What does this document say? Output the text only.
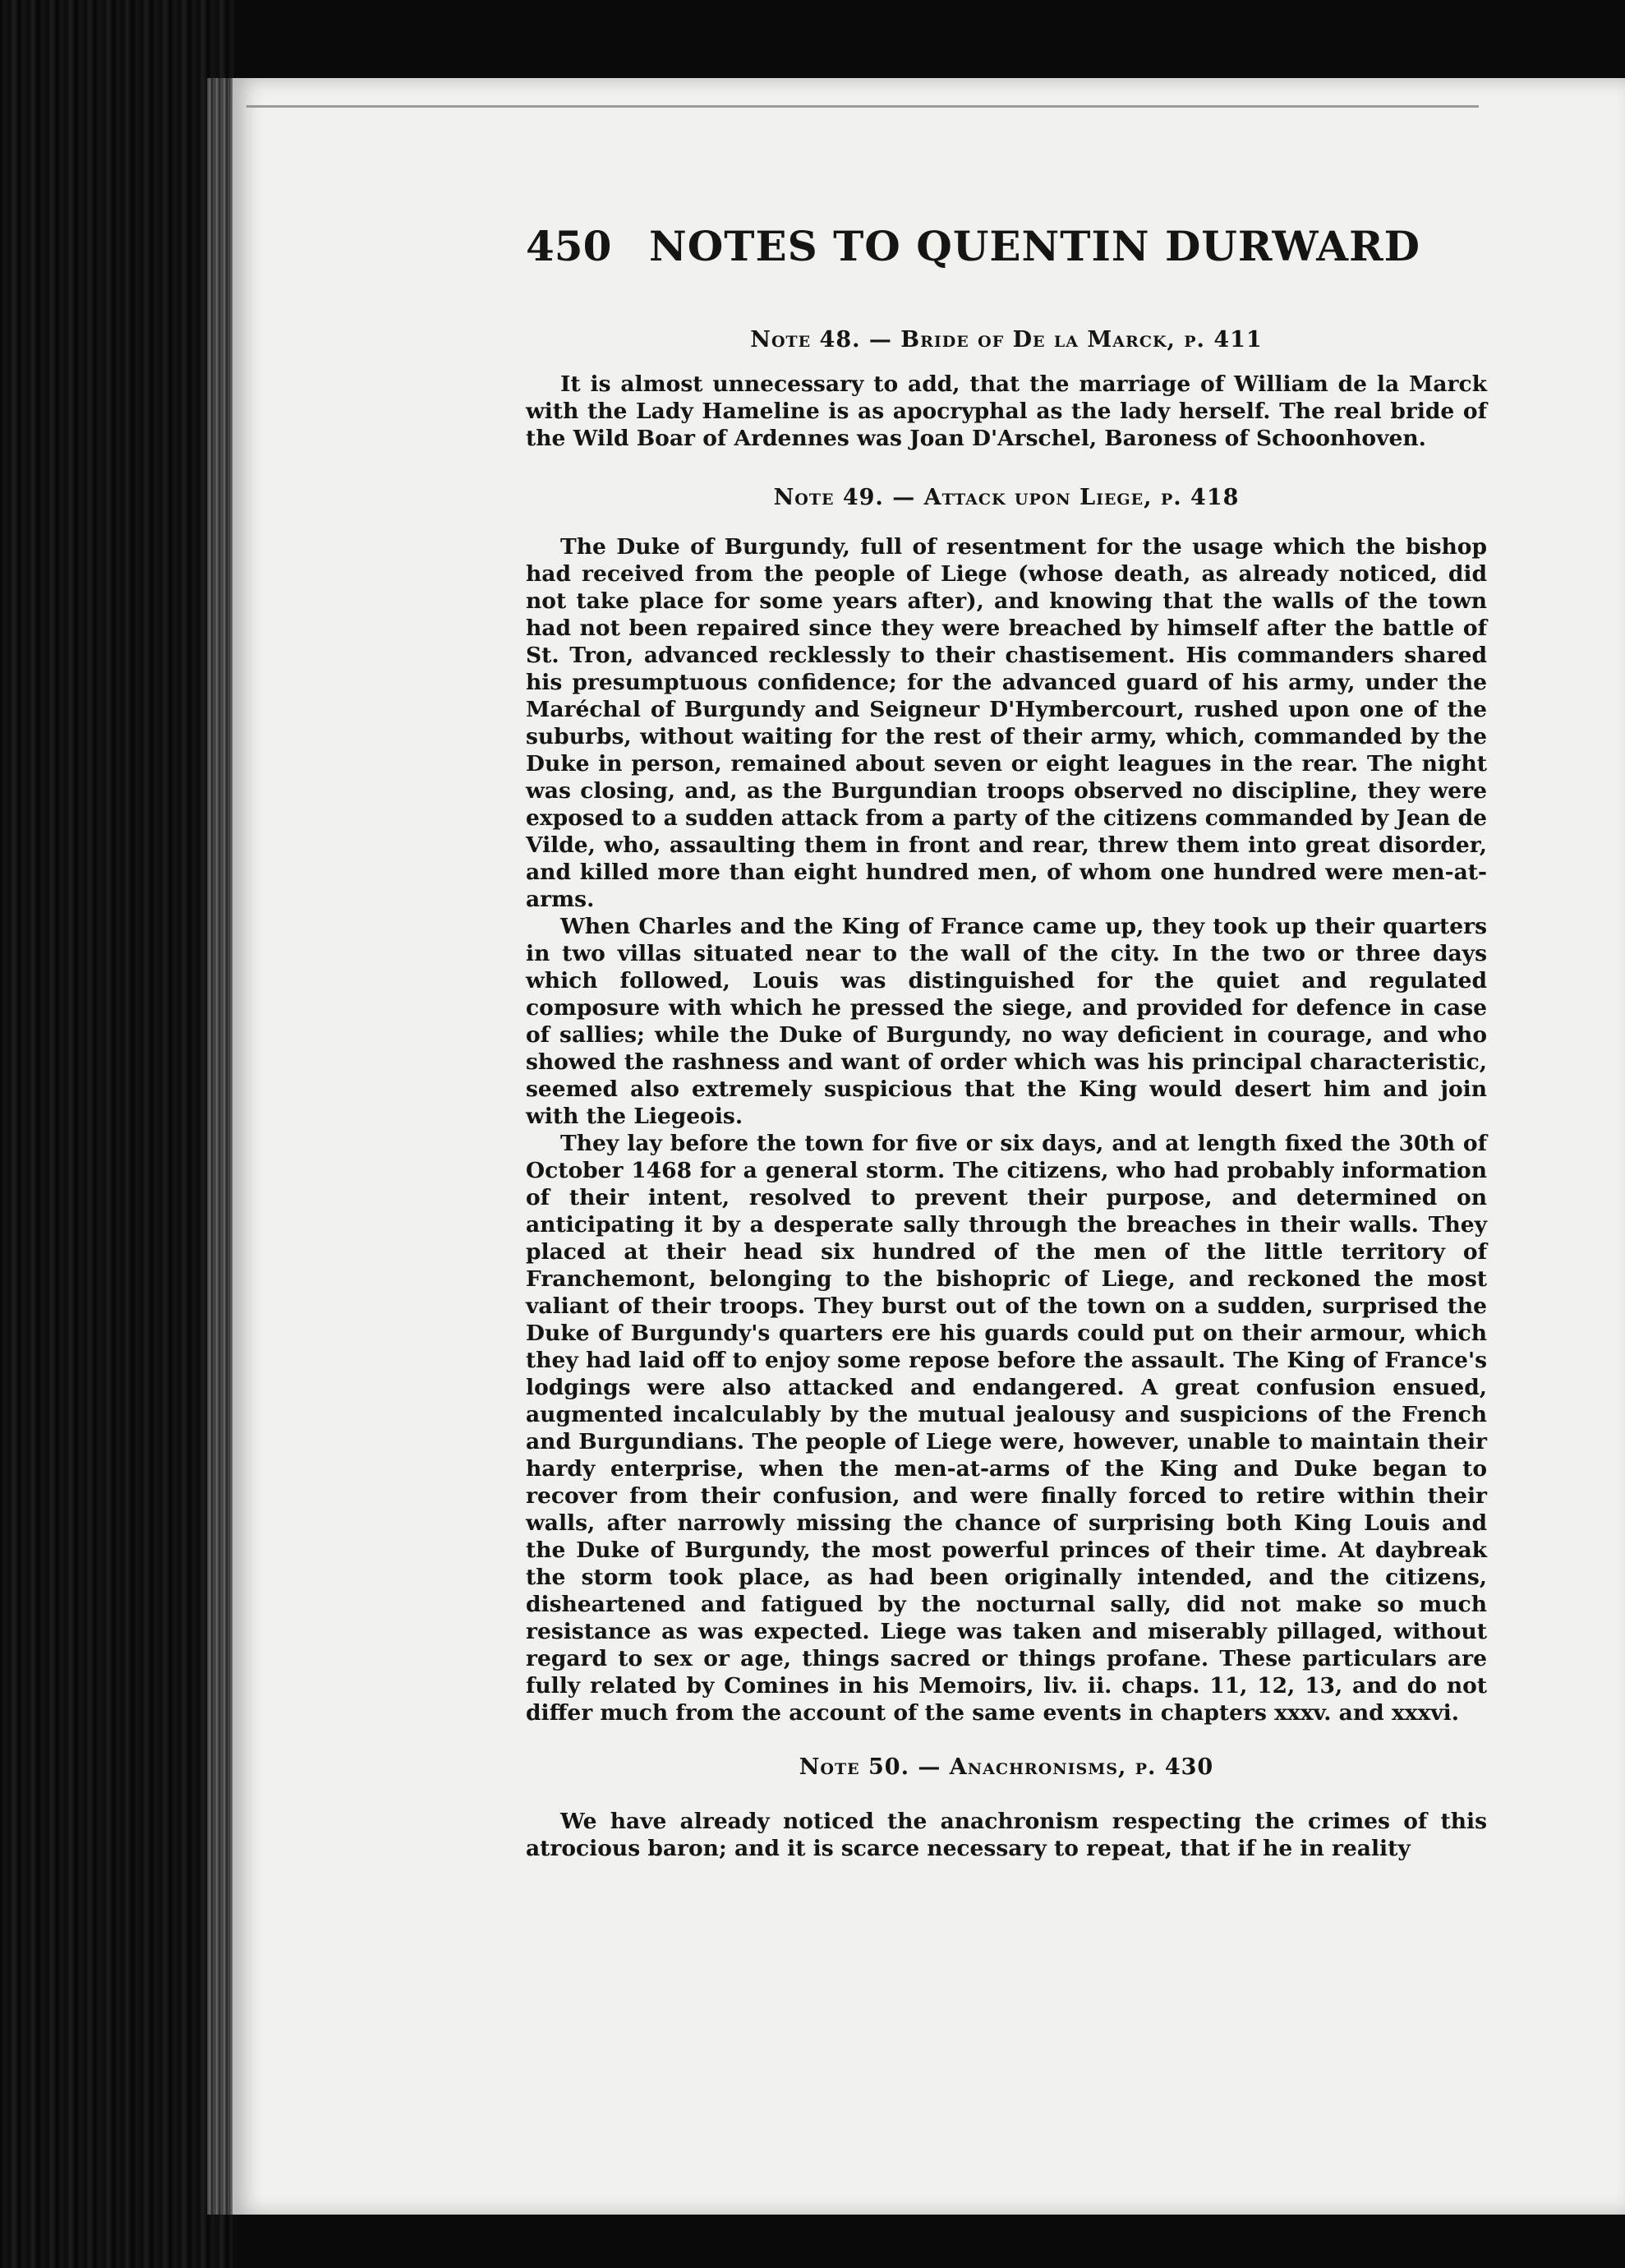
450 NOTES TO QUENTIN DURWARD
Note 48. — Bride of De la Marck, p. 411

It is almost unnecessary to add, that the marriage of William de la Marck with the Lady Hameline is as apocryphal as the lady herself. The real bride of the Wild Boar of Ardennes was Joan D'Arschel, Baroness of Schoonhoven.

Note 49. — Attack upon Liege, p. 418

The Duke of Burgundy, full of resentment for the usage which the bishop had received from the people of Liege (whose death, as already noticed, did not take place for some years after), and knowing that the walls of the town had not been repaired since they were breached by himself after the battle of St. Tron, advanced recklessly to their chastisement. His commanders shared his presumptuous confidence; for the advanced guard of his army, under the Maréchal of Burgundy and Seigneur D'Hymbercourt, rushed upon one of the suburbs, without waiting for the rest of their army, which, commanded by the Duke in person, remained about seven or eight leagues in the rear. The night was closing, and, as the Burgundian troops observed no discipline, they were exposed to a sudden attack from a party of the citizens commanded by Jean de Vilde, who, assaulting them in front and rear, threw them into great disorder, and killed more than eight hundred men, of whom one hundred were men-at-arms.

When Charles and the King of France came up, they took up their quarters in two villas situated near to the wall of the city. In the two or three days which followed, Louis was distinguished for the quiet and regulated composure with which he pressed the siege, and provided for defence in case of sallies; while the Duke of Burgundy, no way deficient in courage, and who showed the rashness and want of order which was his principal characteristic, seemed also extremely suspicious that the King would desert him and join with the Liegeois.

They lay before the town for five or six days, and at length fixed the 30th of October 1468 for a general storm. The citizens, who had probably information of their intent, resolved to prevent their purpose, and determined on anticipating it by a desperate sally through the breaches in their walls. They placed at their head six hundred of the men of the little territory of Franchemont, belonging to the bishopric of Liege, and reckoned the most valiant of their troops. They burst out of the town on a sudden, surprised the Duke of Burgundy's quarters ere his guards could put on their armour, which they had laid off to enjoy some repose before the assault. The King of France's lodgings were also attacked and endangered. A great confusion ensued, augmented incalculably by the mutual jealousy and suspicions of the French and Burgundians. The people of Liege were, however, unable to maintain their hardy enterprise, when the men-at-arms of the King and Duke began to recover from their confusion, and were finally forced to retire within their walls, after narrowly missing the chance of surprising both King Louis and the Duke of Burgundy, the most powerful princes of their time. At daybreak the storm took place, as had been originally intended, and the citizens, disheartened and fatigued by the nocturnal sally, did not make so much resistance as was expected. Liege was taken and miserably pillaged, without regard to sex or age, things sacred or things profane. These particulars are fully related by Comines in his Memoirs, liv. ii. chaps. 11, 12, 13, and do not differ much from the account of the same events in chapters xxxv. and xxxvi.

Note 50. — Anachronisms, p. 430

We have already noticed the anachronism respecting the crimes of this atrocious baron; and it is scarce necessary to repeat, that if he in reality
